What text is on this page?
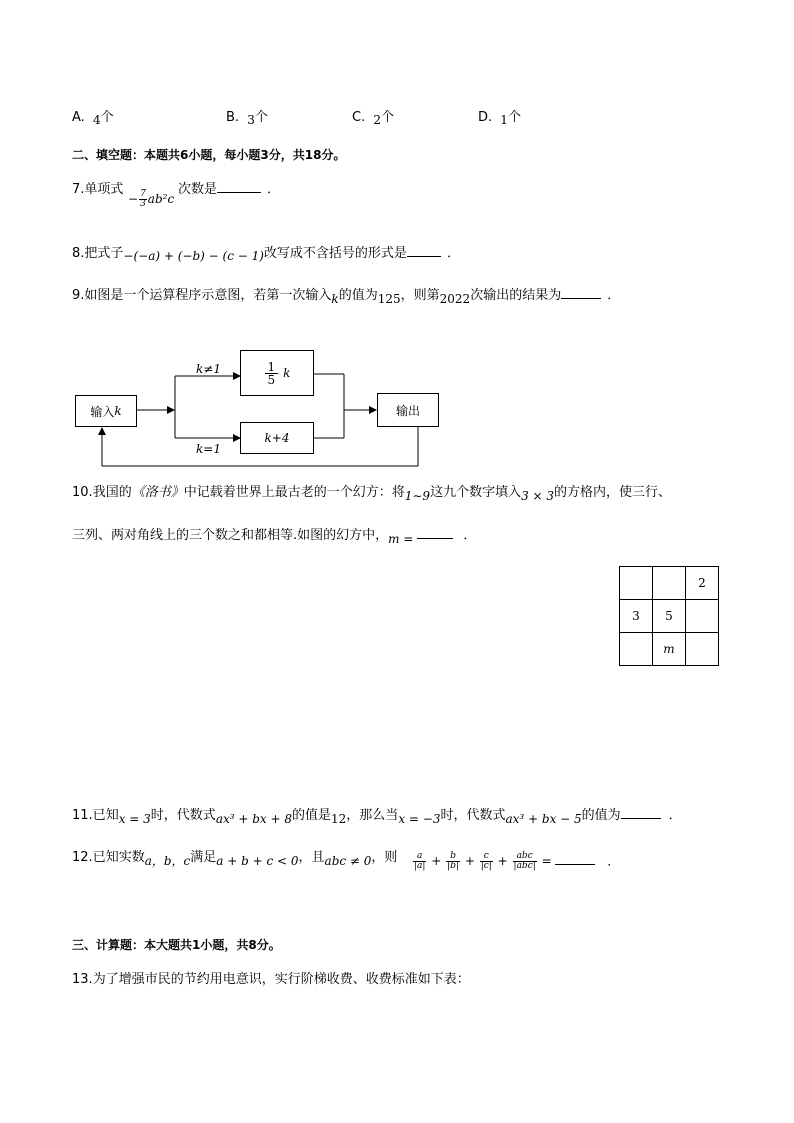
A. 4个	B. 3个	C. 2个	D. 1个
二、填空题：本题共6小题，每小题3分，共18分。
7.单项式
− $\frac{7}{3} ab^2c$
次数是	．
8.把式子−(−a) + (−b) − (c − 1)改写成不含括号的形式是	．
9.如图是一个运算程序示意图，若第一次输入k的值为125，则第2022次输出的结果为	．
输入 k
k≠1
k=1
$\frac{1}{5}$ k
k+4
输出
10.我国的《洛书》中记载着世界上最古老的一个幻方：将1∼9这九个数字填入3 × 3的方格内，使三行、
三列、两对角线上的三个数之和都相等.如图的幻方中，m =	．
		2
3	5	
	m	
11.已知x = 3时，代数式ax³ + bx + 8的值是12，那么当x = −3时，代数式ax³ + bx − 5的值为	．
12.已知实数a，b，c满足a + b + c < 0，且abc ≠ 0，则 $\frac{a}{|a|} + \frac{b}{|b|} + \frac{c}{|c|} + \frac{\text{abc}}{\text{|abc|}}$ =	．
三、计算题：本大题共1小题，共8分。
13.为了增强市民的节约用电意识，实行阶梯收费、收费标准如下表：
